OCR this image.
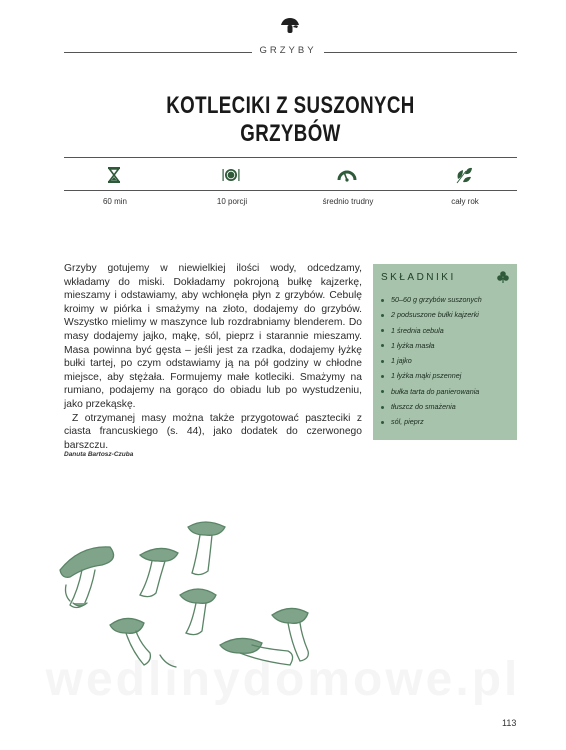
GRZYBY
KOTLECIKI Z SUSZONYCH GRZYBÓW
60 min	10 porcji	średnio trudny	cały rok

Grzyby gotujemy w niewielkiej ilości wody, odcedzamy, wkładamy do miski. Dokładamy pokrojoną bułkę kajzerkę, mieszamy i odstawiamy, aby wchłonęła płyn z grzybów. Cebulę kroimy w piórka i smażymy na złoto, dodajemy do grzybów. Wszystko mielimy w maszynce lub rozdrabniamy blenderem. Do masy dodajemy jajko, mąkę, sól, pieprz i starannie mieszamy. Masa powinna być gęsta – jeśli jest za rzadka, dodajemy łyżkę bułki tartej, po czym odstawiamy ją na pół godziny w chłodne miejsce, aby stężała. Formujemy małe kotleciki. Smażymy na rumiano, podajemy na gorąco do obiadu lub po wystudzeniu, jako przekąskę.

Z otrzymanej masy można także przygotować paszteciki z ciasta francuskiego (s. 44), jako dodatek do czerwonego barszczu.

Danuta Bartosz-Czuba
SKŁADNIKI
50–60 g grzybów suszonych
2 podsuszone bułki kajzerki
1 średnia cebula
1 łyżka masła
1 jajko
1 łyżka mąki pszennej
bułka tarta do panierowania
tłuszcz do smażenia
sól, pieprz
wedlinydomowe.pl
113
